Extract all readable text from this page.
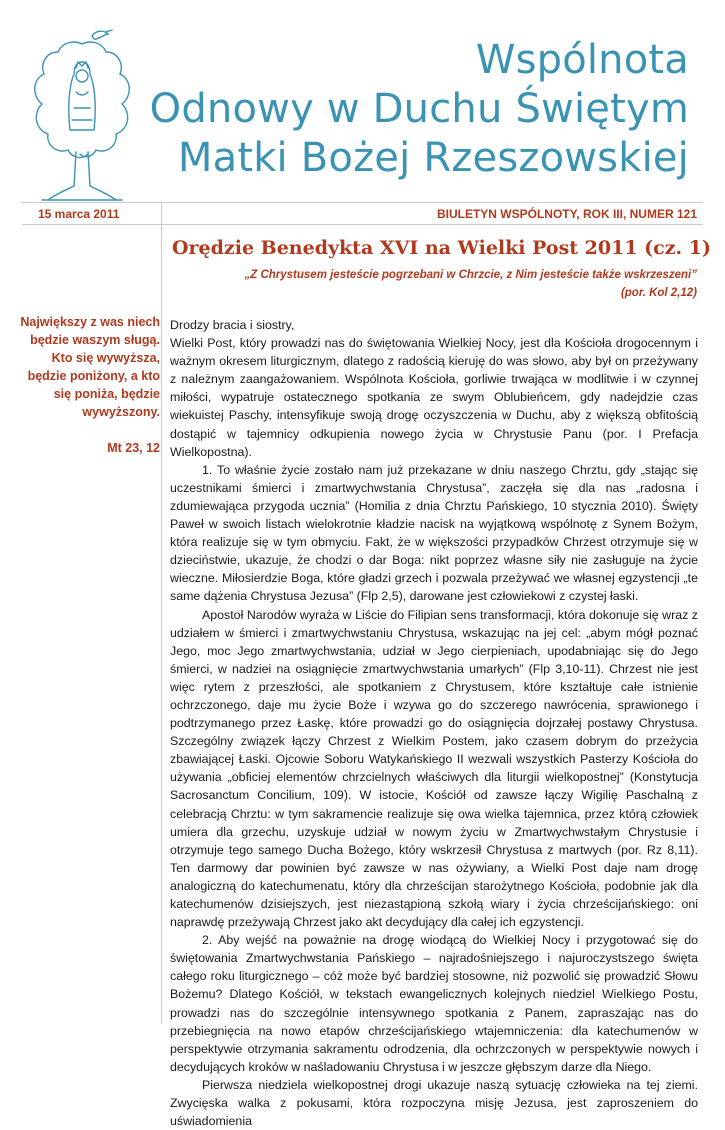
Wspólnota
Odnowy w Duchu Świętym
Matki Bożej Rzeszowskiej
15 marca 2011	BIULETYN WSPÓLNOTY, ROK III, NUMER 121
Orędzie Benedykta XVI na Wielki Post 2011 (cz. 1)
„Z Chrystusem jesteście pogrzebani w Chrzcie, z Nim jesteście także wskrzeszeni”
(por. Kol 2,12)
Największy z was niech będzie waszym sługą. Kto się wywyższa, będzie poniżony, a kto się poniża, będzie wywyższony.
Mt 23, 12

Drodzy bracia i siostry,

Wielki Post, który prowadzi nas do świętowania Wielkiej Nocy, jest dla Kościoła drogocennym i ważnym okresem liturgicznym, dlatego z radością kieruję do was słowo, aby był on przeżywany z należnym zaangażowaniem. Wspólnota Kościoła, gorliwie trwająca w modlitwie i w czynnej miłości, wypatruje ostatecznego spotkania ze swym Oblubieńcem, gdy nadejdzie czas wiekuistej Paschy, intensyfikuje swoją drogę oczyszczenia w Duchu, aby z większą obfitością dostąpić w tajemnicy odkupienia nowego życia w Chrystusie Panu (por. I Prefacja Wielkopostna).

1. To właśnie życie zostało nam już przekazane w dniu naszego Chrztu, gdy „stając się uczestnikami śmierci i zmartwychwstania Chrystusa”, zaczęła się dla nas „radosna i zdumiewająca przygoda ucznia” (Homilia z dnia Chrztu Pańskiego, 10 stycznia 2010). Święty Paweł w swoich listach wielokrotnie kładzie nacisk na wyjątkową wspólnotę z Synem Bożym, która realizuje się w tym obmyciu. Fakt, że w większości przypadków Chrzest otrzymuje się w dzieciństwie, ukazuje, że chodzi o dar Boga: nikt poprzez własne siły nie zasługuje na życie wieczne. Miłosierdzie Boga, które gładzi grzech i pozwala przeżywać we własnej egzystencji „te same dążenia Chrystusa Jezusa” (Flp 2,5), darowane jest człowiekowi z czystej łaski.

Apostoł Narodów wyraża w Liście do Filipian sens transformacji, która dokonuje się wraz z udziałem w śmierci i zmartwychwstaniu Chrystusa, wskazując na jej cel: „abym mógł poznać Jego, moc Jego zmartwychwstania, udział w Jego cierpieniach, upodabniając się do Jego śmierci, w nadziei na osiągnięcie zmartwychwstania umarłych” (Flp 3,10-11). Chrzest nie jest więc rytem z przeszłości, ale spotkaniem z Chrystusem, które kształtuje całe istnienie ochrzczonego, daje mu życie Boże i wzywa go do szczerego nawrócenia, sprawionego i podtrzymanego przez Łaskę, które prowadzi go do osiągnięcia dojrzałej postawy Chrystusa. Szczególny związek łączy Chrzest z Wielkim Postem, jako czasem dobrym do przeżycia zbawiającej Łaski. Ojcowie Soboru Watykańskiego II wezwali wszystkich Pasterzy Kościoła do używania „obficiej elementów chrzcielnych właściwych dla liturgii wielkopostnej” (Konstytucja Sacrosanctum Concilium, 109). W istocie, Kościół od zawsze łączy Wigilię Paschalną z celebracją Chrztu: w tym sakramencie realizuje się owa wielka tajemnica, przez którą człowiek umiera dla grzechu, uzyskuje udział w nowym życiu w Zmartwychwstałym Chrystusie i otrzymuje tego samego Ducha Bożego, który wskrzesił Chrystusa z martwych (por. Rz 8,11). Ten darmowy dar powinien być zawsze w nas ożywiany, a Wielki Post daje nam drogę analogiczną do katechumenatu, który dla chrześcijan starożytnego Kościoła, podobnie jak dla katechumenów dzisiejszych, jest niezastąpioną szkołą wiary i życia chrześcijańskiego: oni naprawdę przeżywają Chrzest jako akt decydujący dla całej ich egzystencji.

2. Aby wejść na poważnie na drogę wiodącą do Wielkiej Nocy i przygotować się do świętowania Zmartwychwstania Pańskiego – najradośniejszego i najuroczystszego święta całego roku liturgicznego – cóż może być bardziej stosowne, niż pozwolić się prowadzić Słowu Bożemu? Dlatego Kościół, w tekstach ewangelicznych kolejnych niedziel Wielkiego Postu, prowadzi nas do szczególnie intensywnego spotkania z Panem, zapraszając nas do przebiegnięcia na nowo etapów chrześcijańskiego wtajemniczenia: dla katechumenów w perspektywie otrzymania sakramentu odrodzenia, dla ochrzczonych w perspektywie nowych i decydujących kroków w naśladowaniu Chrystusa i w jeszcze głębszym darze dla Niego.

Pierwsza niedziela wielkopostnej drogi ukazuje naszą sytuację człowieka na tej ziemi. Zwycięska walka z pokusami, która rozpoczyna misję Jezusa, jest zaproszeniem do uświadomienia
